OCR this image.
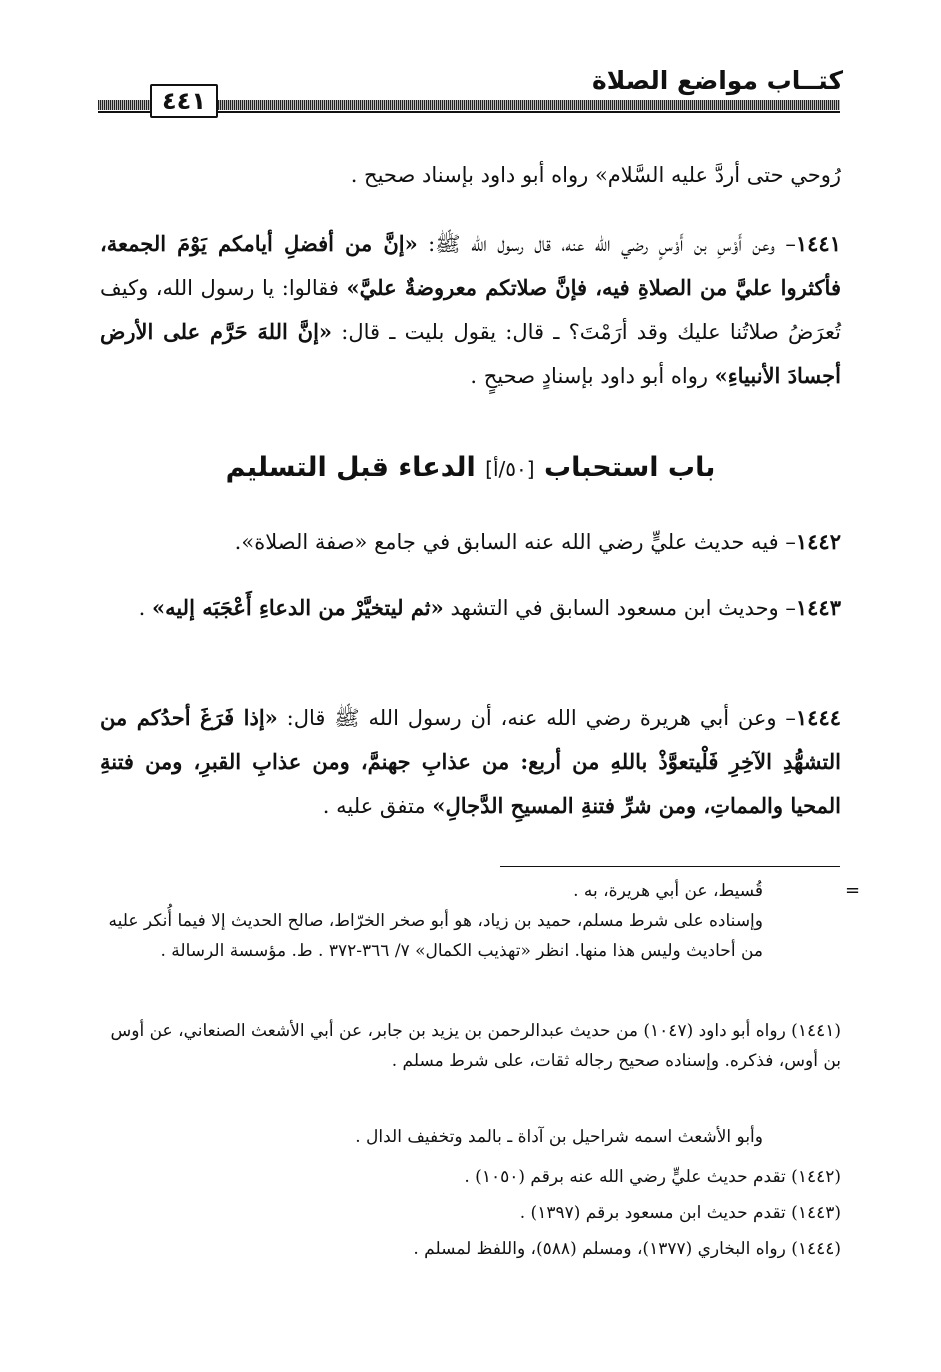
كتــاب مواضع الصلاة
٤٤١
رُوحي حتى أردَّ عليه السَّلام» رواه أبو داود بإسناد صحيح .
١٤٤١– وعن أَوْسِ بن أَوْسٍ رضي الله عنه، قال رسول الله ﷺ: «إنَّ من أفضلِ أيامكم يَوْمَ الجمعة، فأكثروا عليَّ من الصلاةِ فيه، فإنَّ صلاتكم معروضةٌ عليَّ» فقالوا: يا رسول الله، وكيف تُعرَضُ صلاتُنا عليك وقد أرَمْتَ؟ ـ قال: يقول بليت ـ قال: «إنَّ اللهَ حَرَّم على الأرض أجسادَ الأنبياءِ» رواه أبو داود بإسنادٍ صحيحٍ .
باب استحباب [٥٠/أ] الدعاء قبل التسليم
١٤٤٢– فيه حديث عليٍّ رضي الله عنه السابق في جامع «صفة الصلاة».
١٤٤٣– وحديث ابن مسعود السابق في التشهد «ثم ليتخيَّرْ من الدعاءِ أَعْجَبَه إليه» .
١٤٤٤– وعن أبي هريرة رضي الله عنه، أن رسول الله ﷺ قال: «إذا فَرَغَ أحدُكم من التشهُّدِ الآخِرِ فَلْيتعوَّذْ باللهِ من أربع: من عذابِ جهنمَّ، ومن عذابِ القبرِ، ومن فتنةِ المحيا والمماتِ، ومن شرِّ فتنةِ المسيحِ الدَّجالِ» متفق عليه .
=
قُسيط، عن أبي هريرة، به .
وإسناده على شرط مسلم، حميد بن زياد، هو أبو صخر الخرّاط، صالح الحديث إلا فيما أُنكر عليه من أحاديث وليس هذا منها. انظر «تهذيب الكمال» ٧/ ٣٦٦-٣٧٢ . ط. مؤسسة الرسالة .
(١٤٤١) رواه أبو داود (١٠٤٧) من حديث عبدالرحمن بن يزيد بن جابر، عن أبي الأشعث الصنعاني، عن أوس بن أوس، فذكره. وإسناده صحيح رجاله ثقات، على شرط مسلم .
وأبو الأشعث اسمه شراحيل بن آداة ـ بالمد وتخفيف الدال .
(١٤٤٢) تقدم حديث عليٍّ رضي الله عنه برقم (١٠٥٠) .
(١٤٤٣) تقدم حديث ابن مسعود برقم (١٣٩٧) .
(١٤٤٤) رواه البخاري (١٣٧٧)، ومسلم (٥٨٨)، واللفظ لمسلم .
